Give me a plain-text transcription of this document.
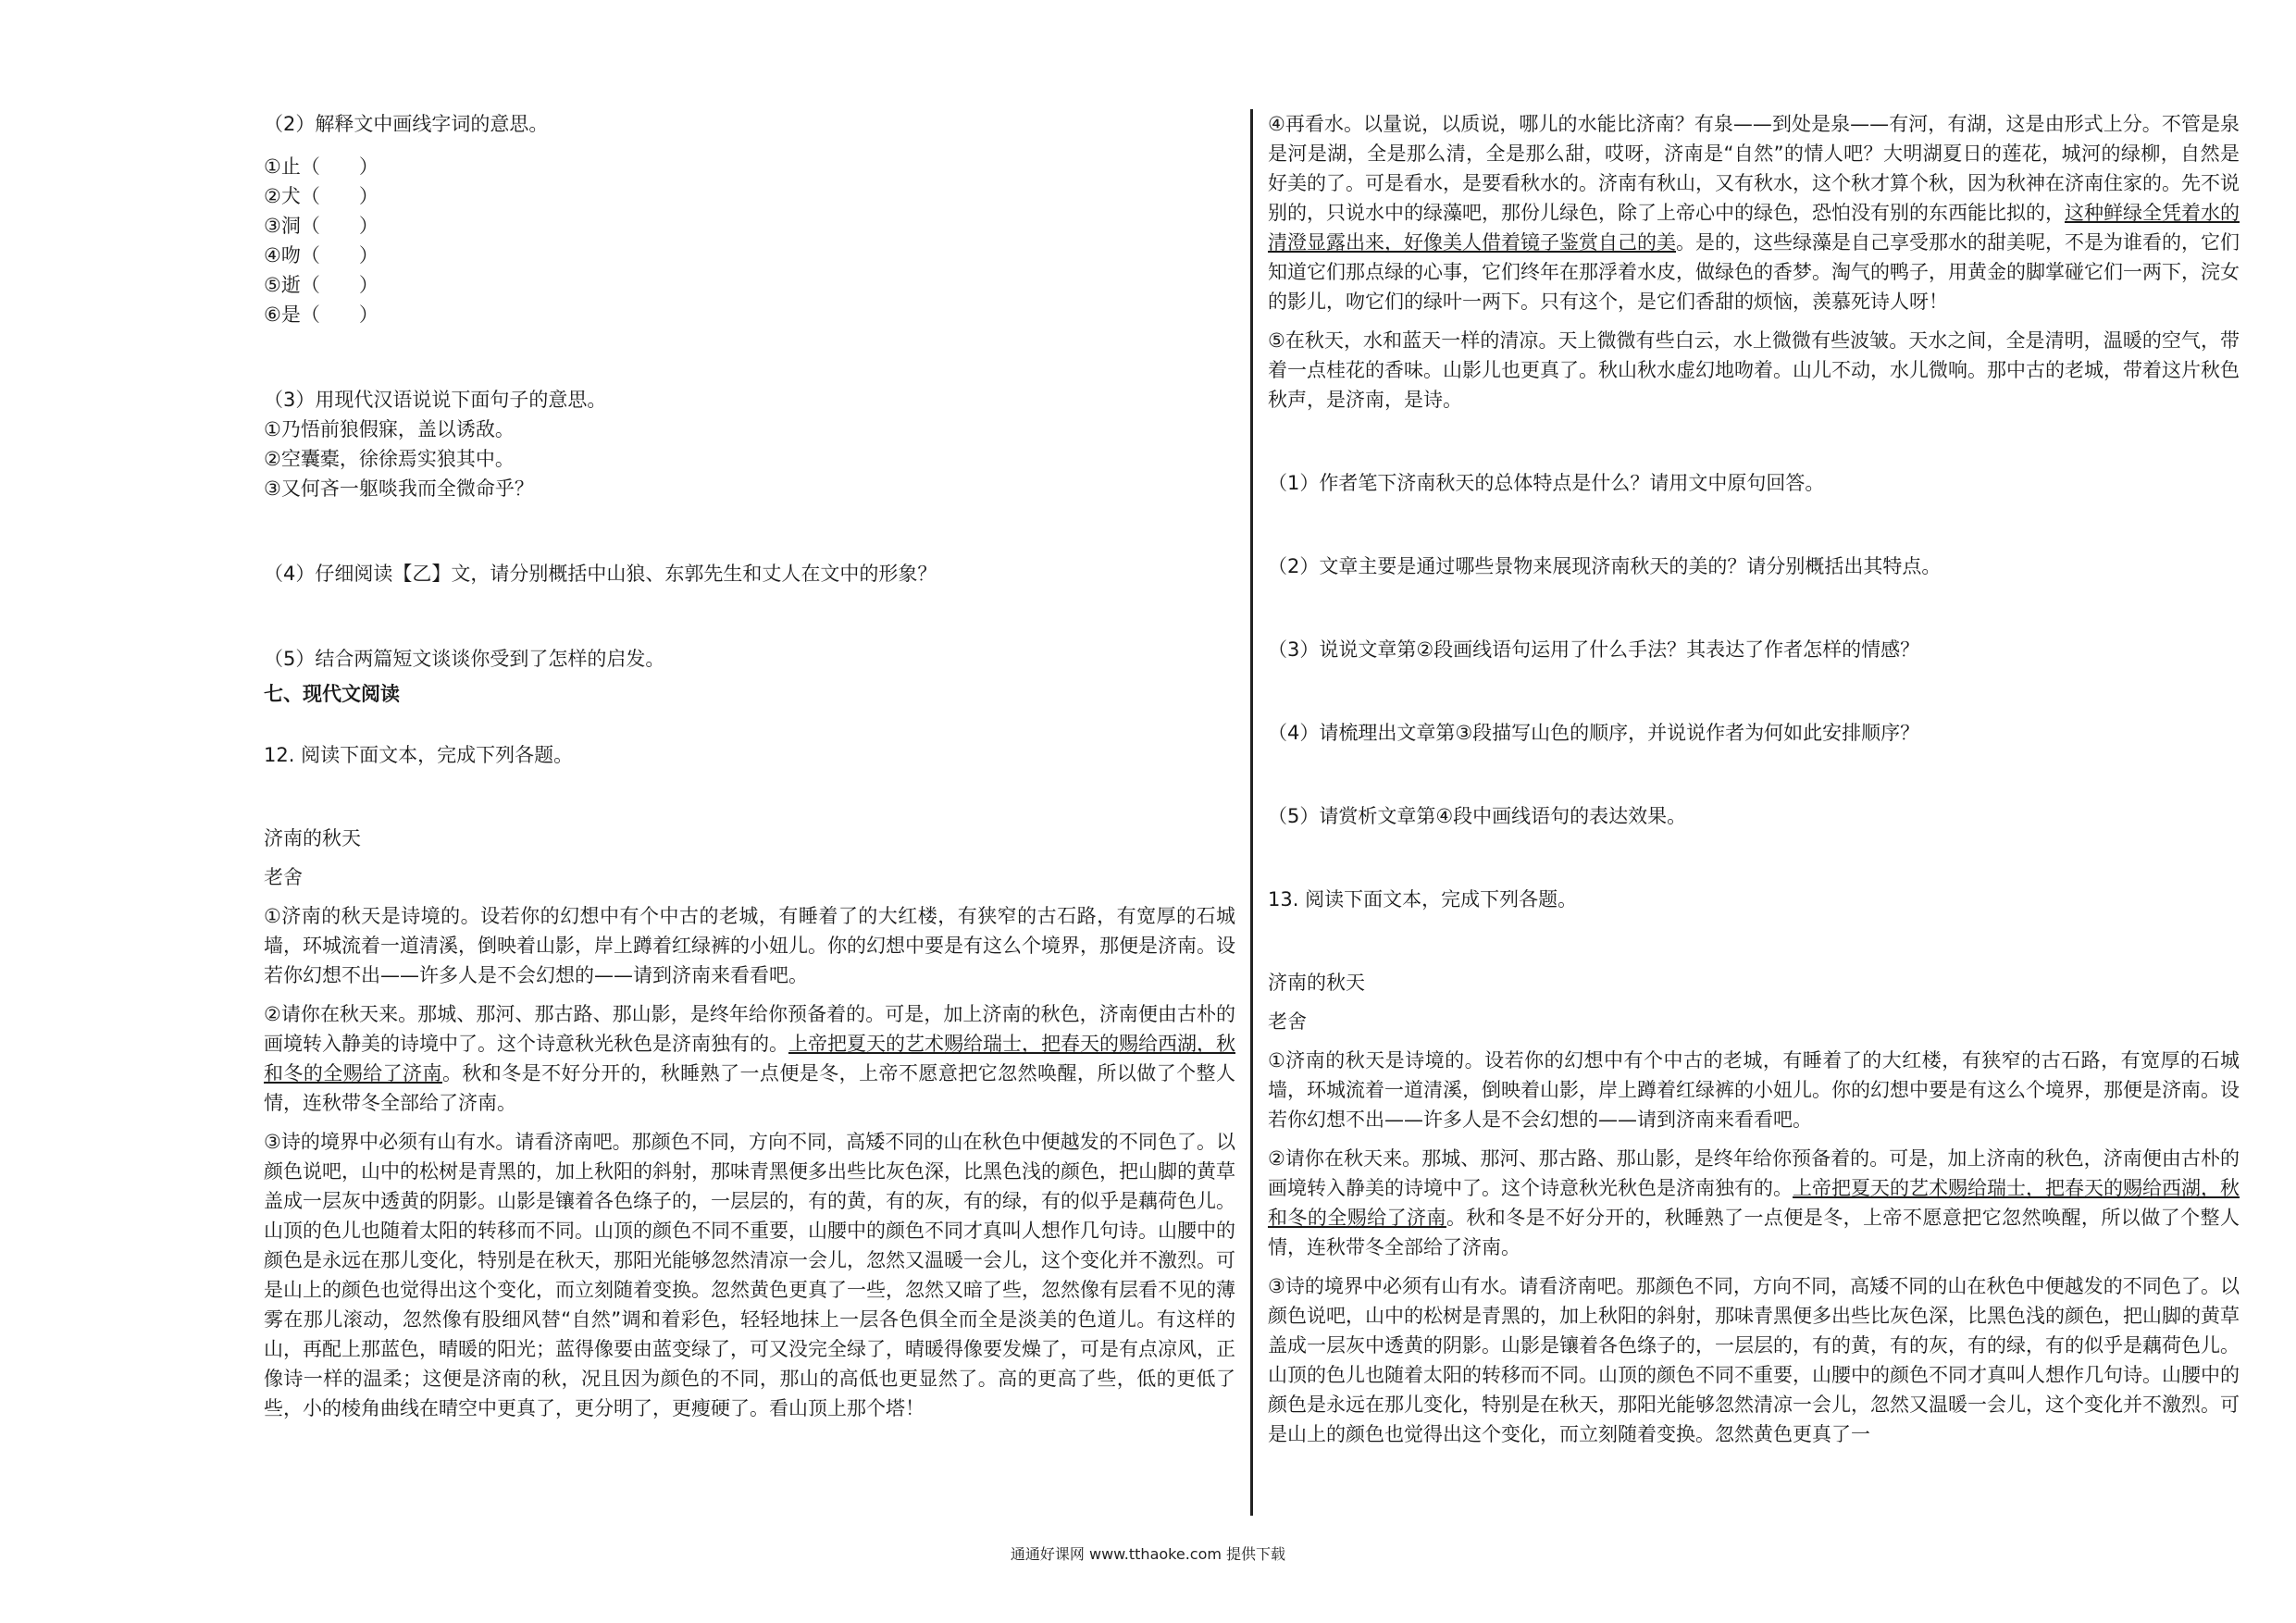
（2）解释文中画线字词的意思。

①止（　　）

②犬（　　）

③洞（　　）

④吻（　　）

⑤逝（　　）

⑥是（　　）

（3）用现代汉语说说下面句子的意思。

①乃悟前狼假寐，盖以诱敌。

②空囊橐，徐徐焉实狼其中。

③又何吝一躯啖我而全微命乎？

（4）仔细阅读【乙】文，请分别概括中山狼、东郭先生和丈人在文中的形象？

（5）结合两篇短文谈谈你受到了怎样的启发。

七、现代文阅读

12. 阅读下面文本，完成下列各题。

济南的秋天

老舍

①济南的秋天是诗境的。设若你的幻想中有个中古的老城，有睡着了的大红楼，有狭窄的古石路，有宽厚的石城墙，环城流着一道清溪，倒映着山影，岸上蹲着红绿裤的小妞儿。你的幻想中要是有这么个境界，那便是济南。设若你幻想不出——许多人是不会幻想的——请到济南来看看吧。

②请你在秋天来。那城、那河、那古路、那山影，是终年给你预备着的。可是，加上济南的秋色，济南便由古朴的画境转入静美的诗境中了。这个诗意秋光秋色是济南独有的。上帝把夏天的艺术赐给瑞士，把春天的赐给西湖，秋和冬的全赐给了济南。秋和冬是不好分开的，秋睡熟了一点便是冬，上帝不愿意把它忽然唤醒，所以做了个整人情，连秋带冬全部给了济南。

③诗的境界中必须有山有水。请看济南吧。那颜色不同，方向不同，高矮不同的山在秋色中便越发的不同色了。以颜色说吧，山中的松树是青黑的，加上秋阳的斜射，那味青黑便多出些比灰色深，比黑色浅的颜色，把山脚的黄草盖成一层灰中透黄的阴影。山影是镶着各色绦子的，一层层的，有的黄，有的灰，有的绿，有的似乎是藕荷色儿。山顶的色儿也随着太阳的转移而不同。山顶的颜色不同不重要，山腰中的颜色不同才真叫人想作几句诗。山腰中的颜色是永远在那儿变化，特别是在秋天，那阳光能够忽然清凉一会儿，忽然又温暖一会儿，这个变化并不激烈。可是山上的颜色也觉得出这个变化，而立刻随着变换。忽然黄色更真了一些，忽然又暗了些，忽然像有层看不见的薄雾在那儿滚动，忽然像有股细风替“自然”调和着彩色，轻轻地抹上一层各色俱全而全是淡美的色道儿。有这样的山，再配上那蓝色，晴暖的阳光；蓝得像要由蓝变绿了，可又没完全绿了，晴暖得像要发燥了，可是有点凉风，正像诗一样的温柔；这便是济南的秋，况且因为颜色的不同，那山的高低也更显然了。高的更高了些，低的更低了些，小的棱角曲线在晴空中更真了，更分明了，更瘦硬了。看山顶上那个塔！

④再看水。以量说，以质说，哪儿的水能比济南？有泉——到处是泉——有河，有湖，这是由形式上分。不管是泉是河是湖，全是那么清，全是那么甜，哎呀，济南是“自然”的情人吧？大明湖夏日的莲花，城河的绿柳，自然是好美的了。可是看水，是要看秋水的。济南有秋山，又有秋水，这个秋才算个秋，因为秋神在济南住家的。先不说别的，只说水中的绿藻吧，那份儿绿色，除了上帝心中的绿色，恐怕没有别的东西能比拟的，这种鲜绿全凭着水的清澄显露出来，好像美人借着镜子鉴赏自己的美。是的，这些绿藻是自己享受那水的甜美呢，不是为谁看的，它们知道它们那点绿的心事，它们终年在那浮着水皮，做绿色的香梦。淘气的鸭子，用黄金的脚掌碰它们一两下，浣女的影儿，吻它们的绿叶一两下。只有这个，是它们香甜的烦恼，羡慕死诗人呀！

⑤在秋天，水和蓝天一样的清凉。天上微微有些白云，水上微微有些波皱。天水之间，全是清明，温暖的空气，带着一点桂花的香味。山影儿也更真了。秋山秋水虚幻地吻着。山儿不动，水儿微响。那中古的老城，带着这片秋色秋声，是济南，是诗。

（1）作者笔下济南秋天的总体特点是什么？请用文中原句回答。

（2）文章主要是通过哪些景物来展现济南秋天的美的？请分别概括出其特点。

（3）说说文章第②段画线语句运用了什么手法？其表达了作者怎样的情感？

（4）请梳理出文章第③段描写山色的顺序，并说说作者为何如此安排顺序？

（5）请赏析文章第④段中画线语句的表达效果。

13. 阅读下面文本，完成下列各题。

济南的秋天

老舍

①济南的秋天是诗境的。设若你的幻想中有个中古的老城，有睡着了的大红楼，有狭窄的古石路，有宽厚的石城墙，环城流着一道清溪，倒映着山影，岸上蹲着红绿裤的小妞儿。你的幻想中要是有这么个境界，那便是济南。设若你幻想不出——许多人是不会幻想的——请到济南来看看吧。

②请你在秋天来。那城、那河、那古路、那山影，是终年给你预备着的。可是，加上济南的秋色，济南便由古朴的画境转入静美的诗境中了。这个诗意秋光秋色是济南独有的。上帝把夏天的艺术赐给瑞士，把春天的赐给西湖，秋和冬的全赐给了济南。秋和冬是不好分开的，秋睡熟了一点便是冬，上帝不愿意把它忽然唤醒，所以做了个整人情，连秋带冬全部给了济南。

③诗的境界中必须有山有水。请看济南吧。那颜色不同，方向不同，高矮不同的山在秋色中便越发的不同色了。以颜色说吧，山中的松树是青黑的，加上秋阳的斜射，那味青黑便多出些比灰色深，比黑色浅的颜色，把山脚的黄草盖成一层灰中透黄的阴影。山影是镶着各色绦子的，一层层的，有的黄，有的灰，有的绿，有的似乎是藕荷色儿。山顶的色儿也随着太阳的转移而不同。山顶的颜色不同不重要，山腰中的颜色不同才真叫人想作几句诗。山腰中的颜色是永远在那儿变化，特别是在秋天，那阳光能够忽然清凉一会儿，忽然又温暖一会儿，这个变化并不激烈。可是山上的颜色也觉得出这个变化，而立刻随着变换。忽然黄色更真了一

通通好课网 www.tthaoke.com 提供下载
